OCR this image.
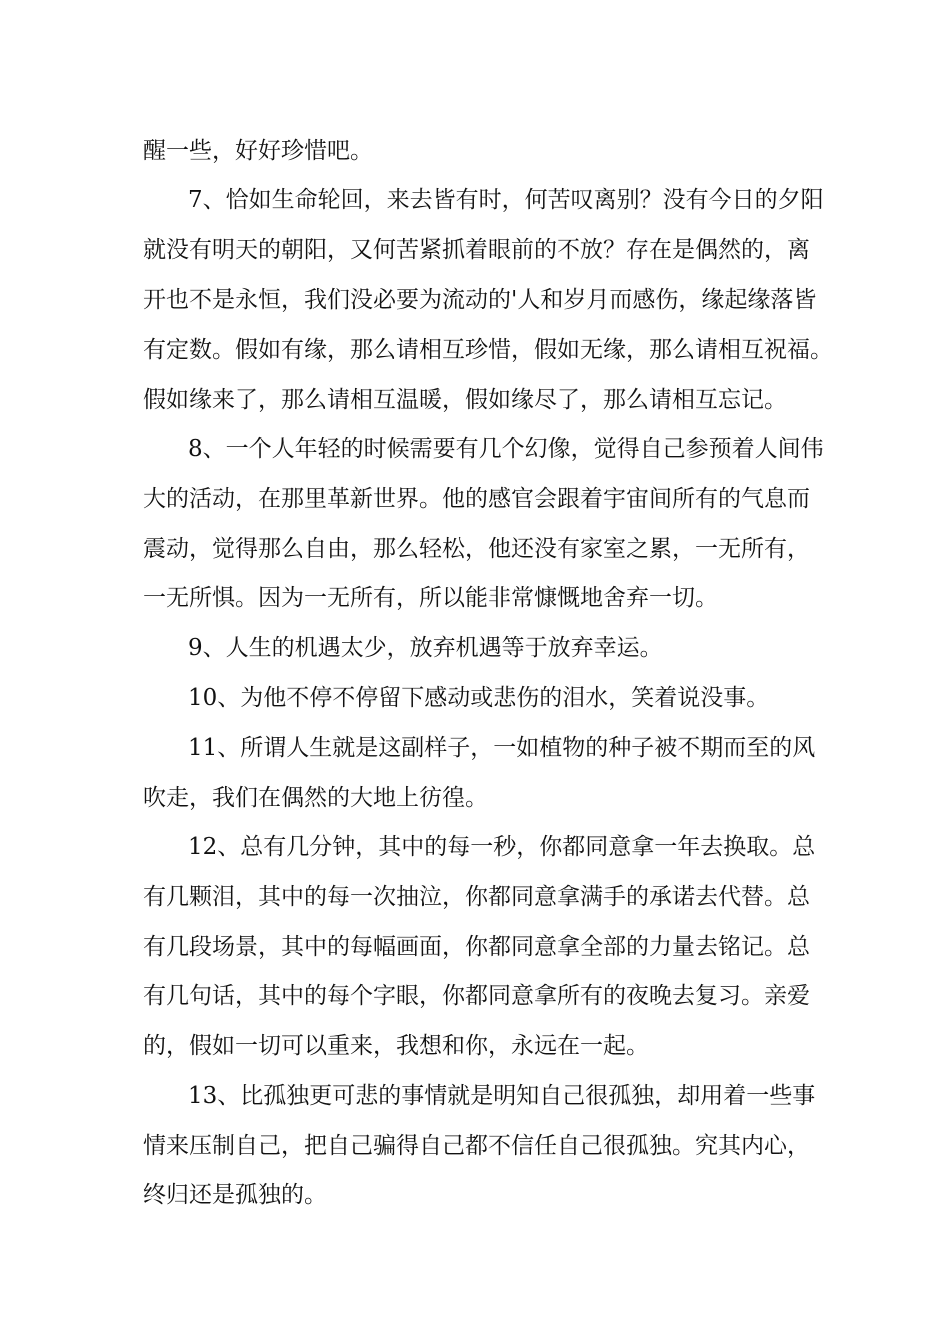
醒一些，好好珍惜吧。
7、恰如生命轮回，来去皆有时，何苦叹离别？没有今日的夕阳
就没有明天的朝阳，又何苦紧抓着眼前的不放？存在是偶然的，离
开也不是永恒，我们没必要为流动的'人和岁月而感伤，缘起缘落皆
有定数。假如有缘，那么请相互珍惜，假如无缘，那么请相互祝福。
假如缘来了，那么请相互温暖，假如缘尽了，那么请相互忘记。
8、一个人年轻的时候需要有几个幻像，觉得自己参预着人间伟
大的活动，在那里革新世界。他的感官会跟着宇宙间所有的气息而
震动，觉得那么自由，那么轻松，他还没有家室之累，一无所有，
一无所惧。因为一无所有，所以能非常慷慨地舍弃一切。
9、人生的机遇太少，放弃机遇等于放弃幸运。
10、为他不停不停留下感动或悲伤的泪水，笑着说没事。
11、所谓人生就是这副样子，一如植物的种子被不期而至的风
吹走，我们在偶然的大地上彷徨。
12、总有几分钟，其中的每一秒，你都同意拿一年去换取。总
有几颗泪，其中的每一次抽泣，你都同意拿满手的承诺去代替。总
有几段场景，其中的每幅画面，你都同意拿全部的力量去铭记。总
有几句话，其中的每个字眼，你都同意拿所有的夜晚去复习。亲爱
的，假如一切可以重来，我想和你，永远在一起。
13、比孤独更可悲的事情就是明知自己很孤独，却用着一些事
情来压制自己，把自己骗得自己都不信任自己很孤独。究其内心，
终归还是孤独的。
